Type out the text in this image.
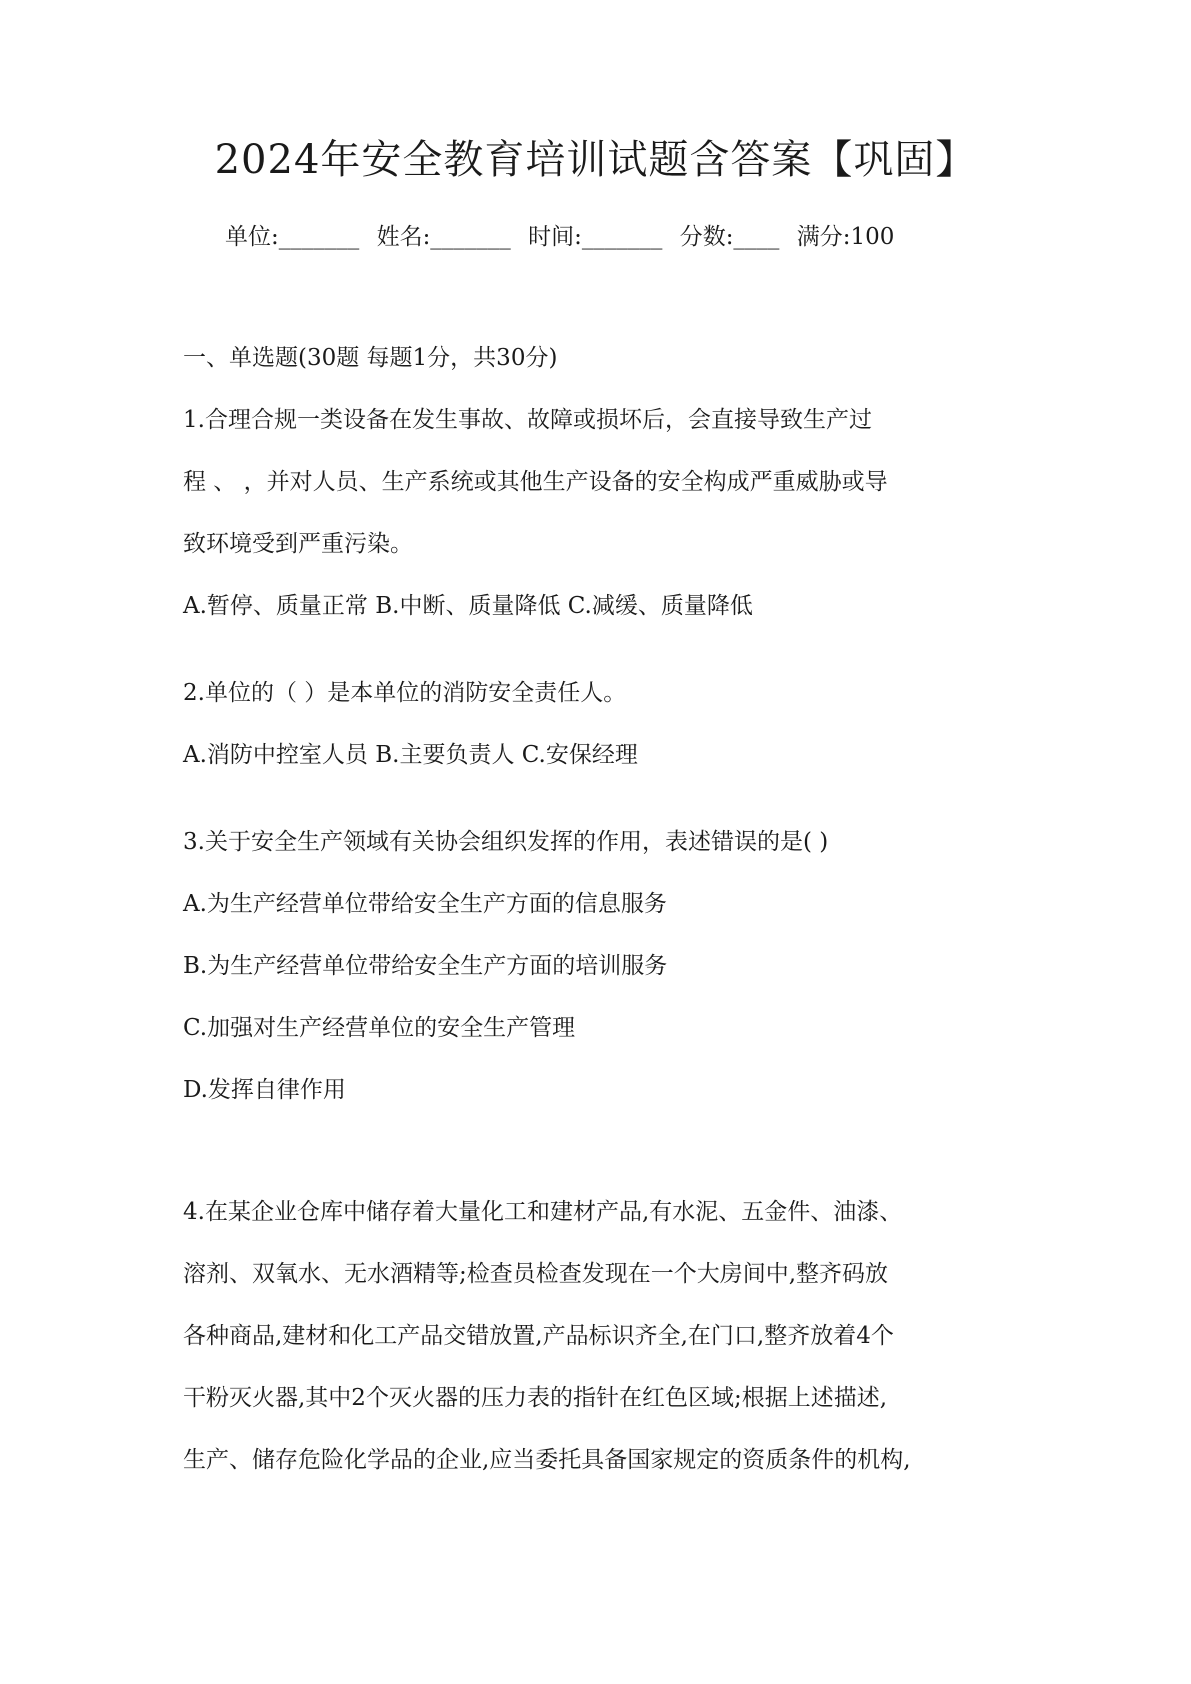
2024年安全教育培训试题含答案【巩固】
单位:_______ 姓名:_______ 时间:_______ 分数:____ 满分:100
一、单选题(30题 每题1分，共30分)
1.合理合规一类设备在发生事故、故障或损坏后，会直接导致生产过
程 、 ，并对人员、生产系统或其他生产设备的安全构成严重威胁或导
致环境受到严重污染。
A.暂停、质量正常 B.中断、质量降低 C.减缓、质量降低
2.单位的（ ）是本单位的消防安全责任人。
A.消防中控室人员 B.主要负责人 C.安保经理
3.关于安全生产领域有关协会组织发挥的作用，表述错误的是( )
A.为生产经营单位带给安全生产方面的信息服务
B.为生产经营单位带给安全生产方面的培训服务
C.加强对生产经营单位的安全生产管理
D.发挥自律作用
4.在某企业仓库中储存着大量化工和建材产品,有水泥、五金件、油漆、
溶剂、双氧水、无水酒精等;检查员检查发现在一个大房间中,整齐码放
各种商品,建材和化工产品交错放置,产品标识齐全,在门口,整齐放着4个
干粉灭火器,其中2个灭火器的压力表的指针在红色区域;根据上述描述,
生产、储存危险化学品的企业,应当委托具备国家规定的资质条件的机构,
